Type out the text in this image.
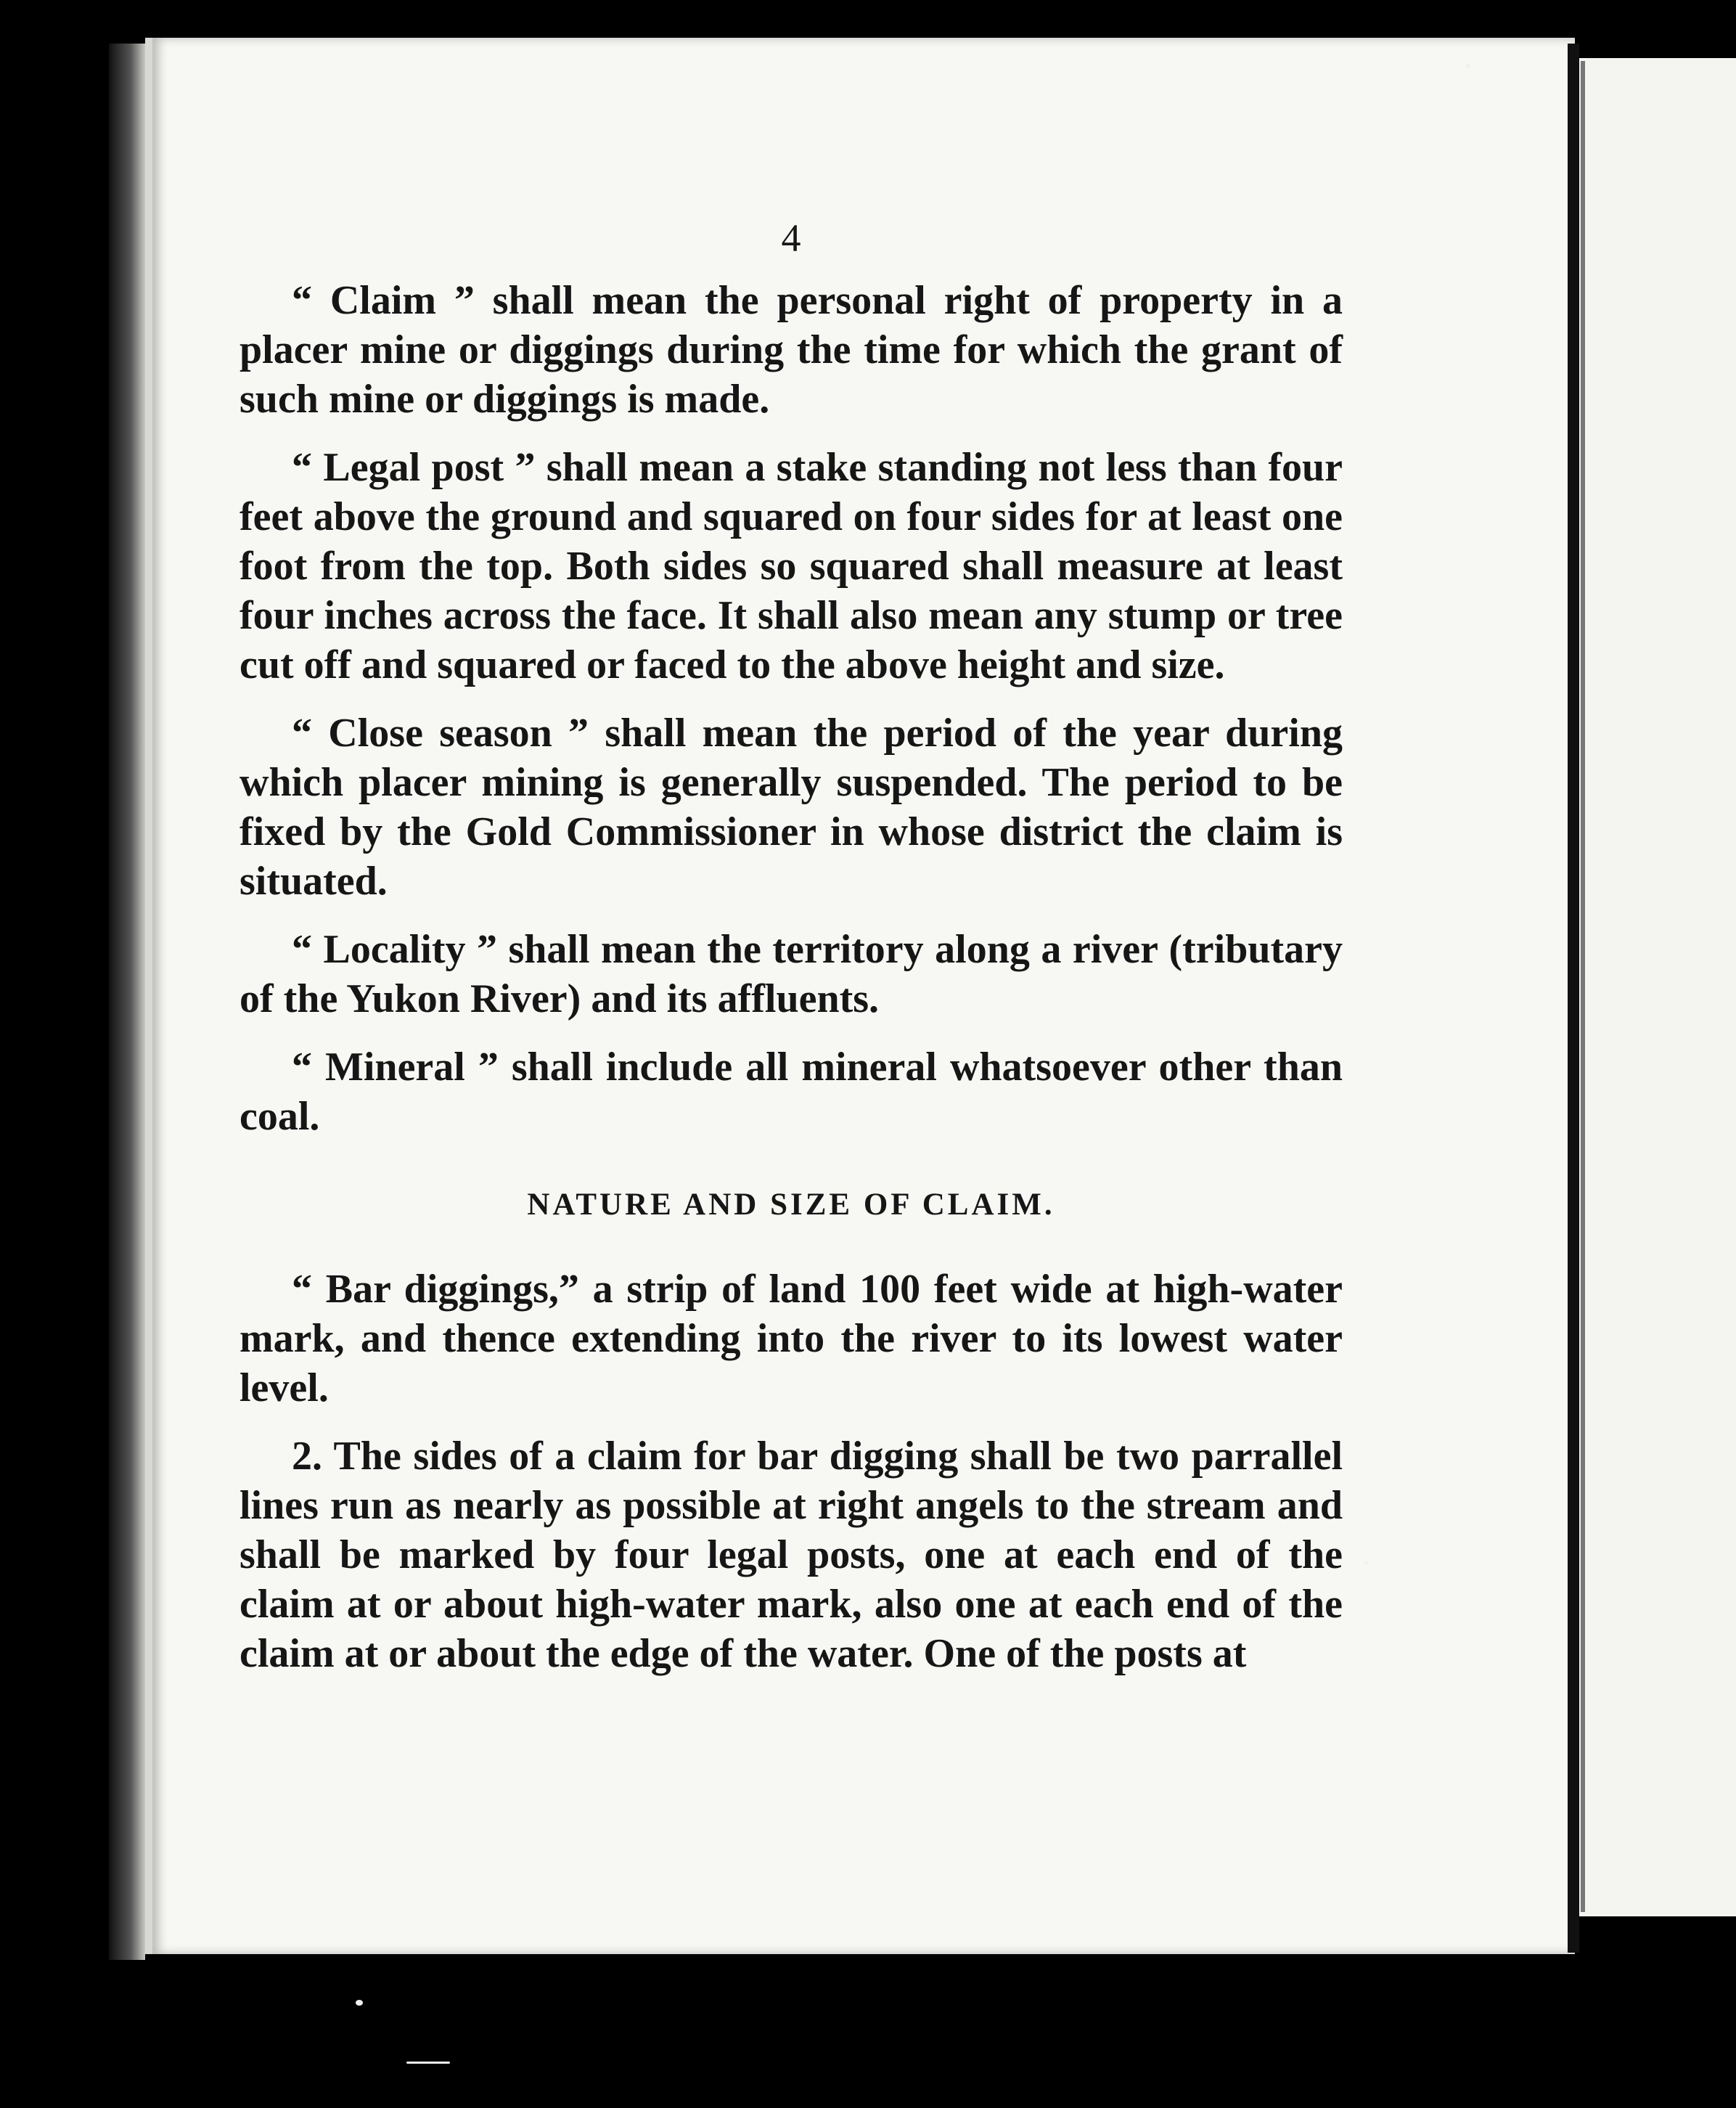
4

“ Claim ” shall mean the personal right of property in a placer mine or diggings during the time for which the grant of such mine or diggings is made.

“ Legal post ” shall mean a stake standing not less than four feet above the ground and squared on four sides for at least one foot from the top. Both sides so squared shall measure at least four inches across the face. It shall also mean any stump or tree cut off and squared or faced to the above height and size.

“ Close season ” shall mean the period of the year during which placer mining is generally suspended. The period to be fixed by the Gold Commissioner in whose district the claim is situated.

“ Locality ” shall mean the territory along a river (tributary of the Yukon River) and its affluents.

“ Mineral ” shall include all mineral whatsoever other than coal.

NATURE AND SIZE OF CLAIM.

“ Bar diggings,” a strip of land 100 feet wide at high-water mark, and thence extending into the river to its lowest water level.

2. The sides of a claim for bar digging shall be two parrallel lines run as nearly as possible at right angels to the stream and shall be marked by four legal posts, one at each end of the claim at or about high-water mark, also one at each end of the claim at or about the edge of the water. One of the posts at
